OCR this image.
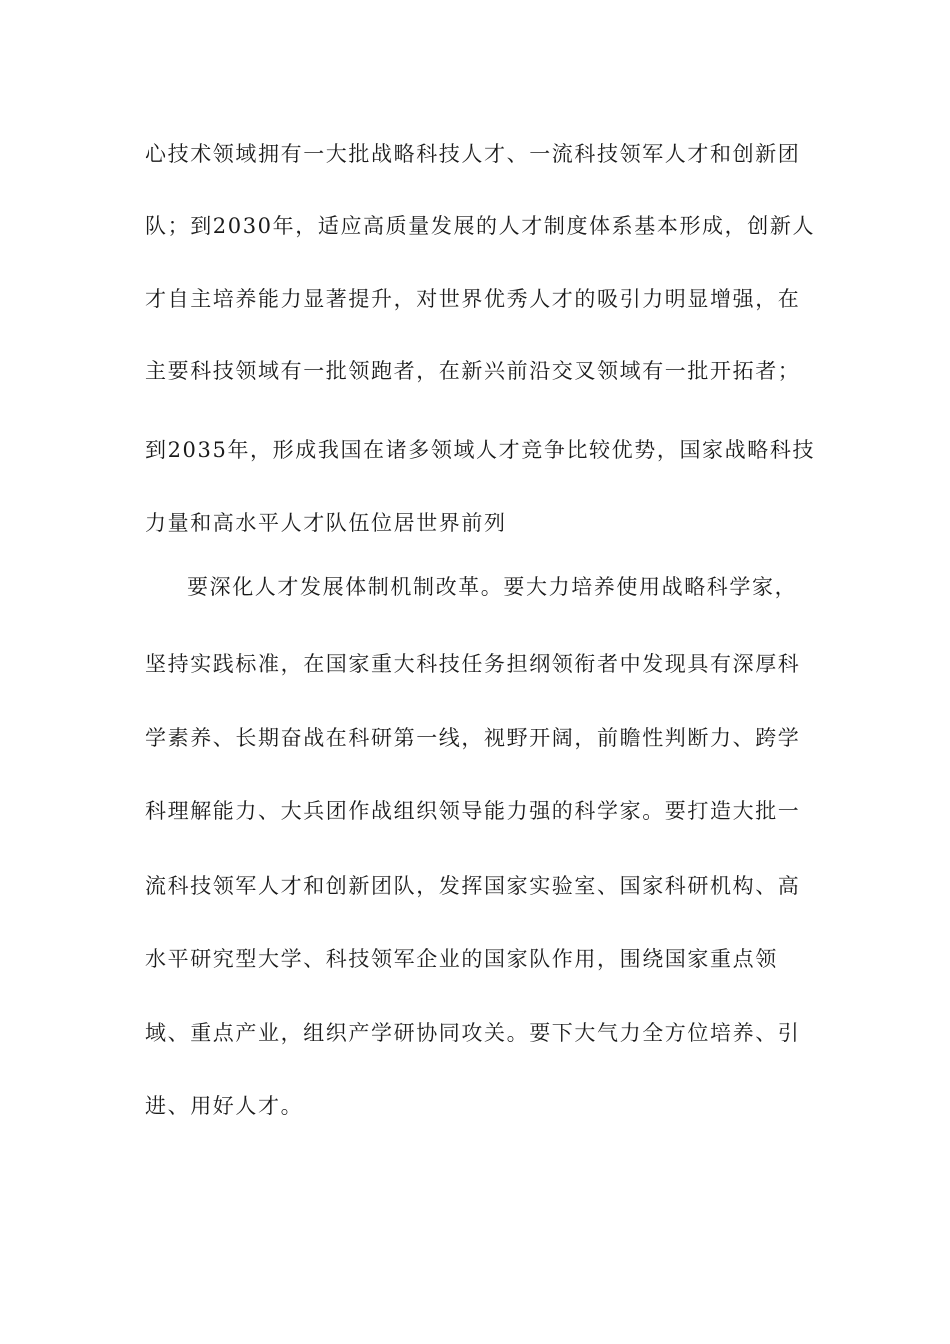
心技术领域拥有一大批战略科技人才、一流科技领军人才和创新团
队；到2030年，适应高质量发展的人才制度体系基本形成，创新人
才自主培养能力显著提升，对世界优秀人才的吸引力明显增强，在
主要科技领域有一批领跑者，在新兴前沿交叉领域有一批开拓者；
到2035年，形成我国在诸多领域人才竞争比较优势，国家战略科技
力量和高水平人才队伍位居世界前列
要深化人才发展体制机制改革。要大力培养使用战略科学家，
坚持实践标准，在国家重大科技任务担纲领衔者中发现具有深厚科
学素养、长期奋战在科研第一线，视野开阔，前瞻性判断力、跨学
科理解能力、大兵团作战组织领导能力强的科学家。要打造大批一
流科技领军人才和创新团队，发挥国家实验室、国家科研机构、高
水平研究型大学、科技领军企业的国家队作用，围绕国家重点领
域、重点产业，组织产学研协同攻关。要下大气力全方位培养、引
进、用好人才。
